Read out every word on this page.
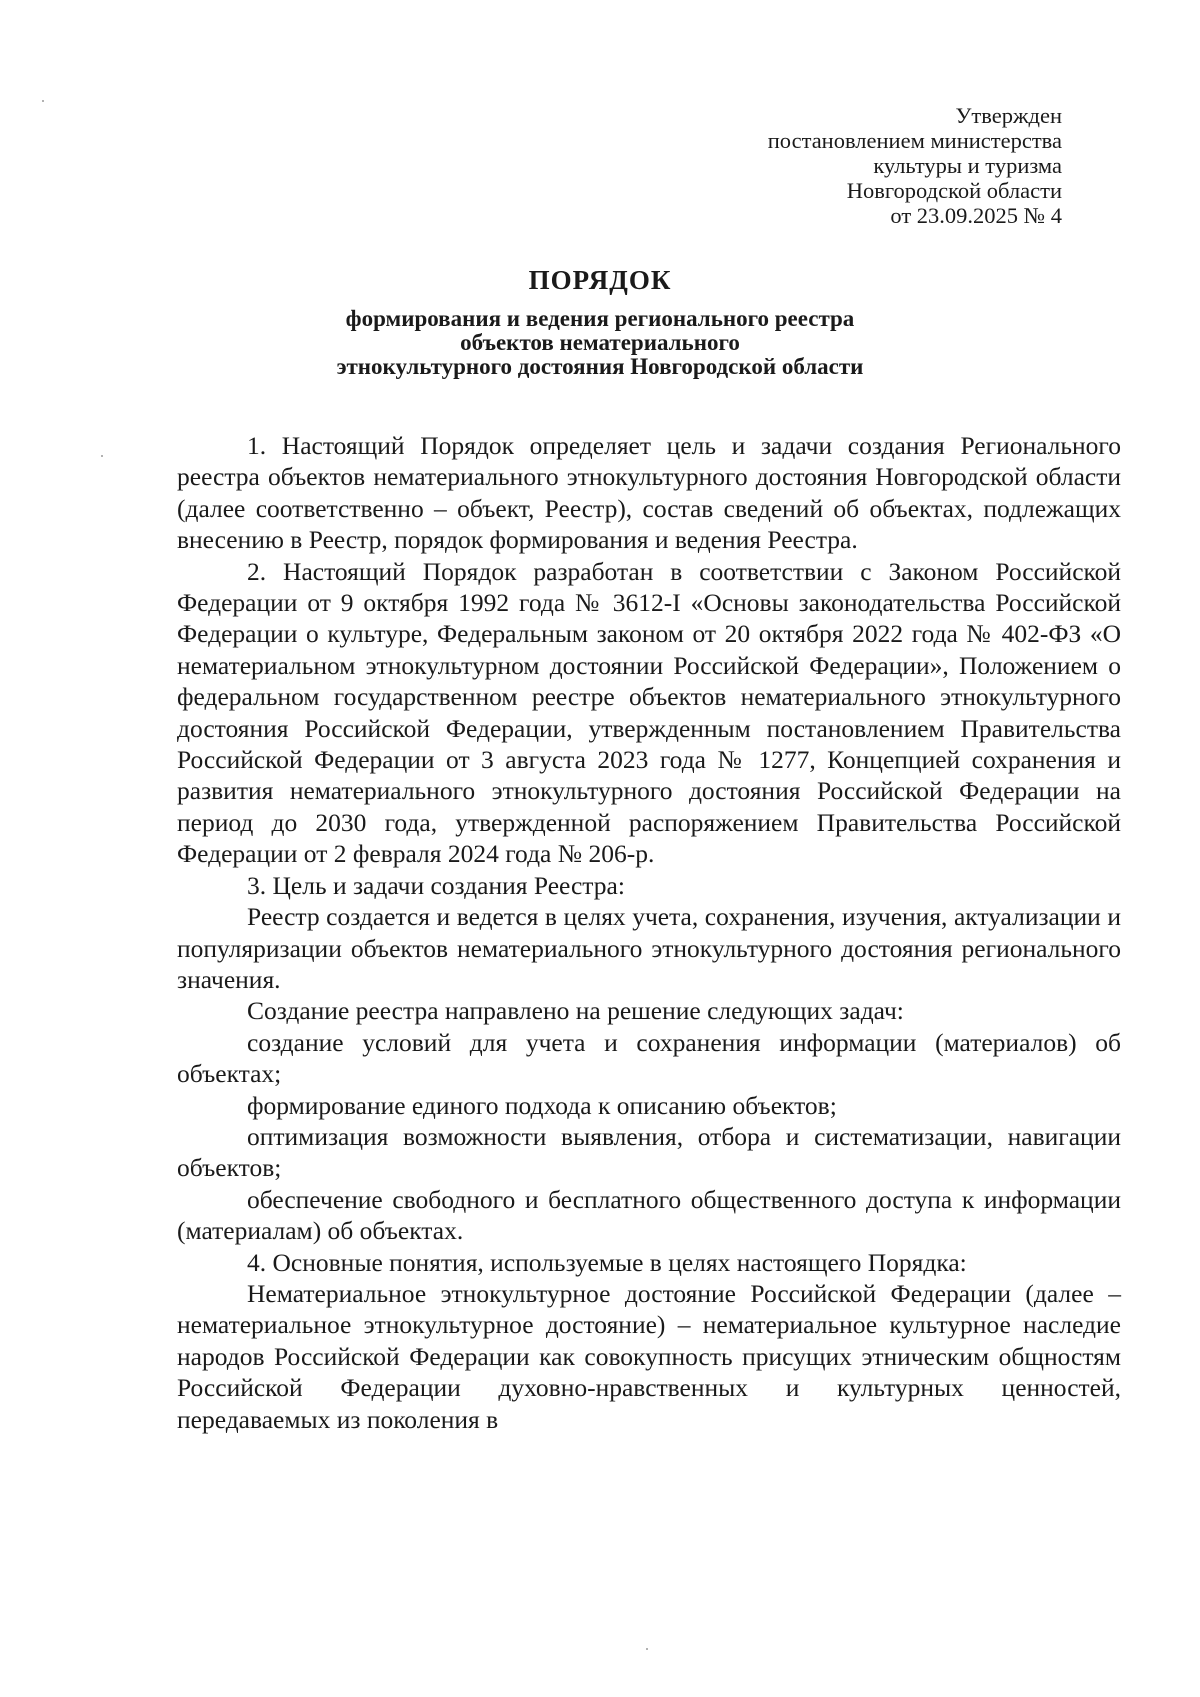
Утвержден
постановлением министерства
культуры и туризма
Новгородской области
от 23.09.2025 № 4
ПОРЯДОК
формирования и ведения регионального реестра
объектов нематериального
этнокультурного достояния Новгородской области

1. Настоящий Порядок определяет цель и задачи создания Регионального реестра объектов нематериального этнокультурного достояния Новгородской области (далее соответственно – объект, Реестр), состав сведений об объектах, подлежащих внесению в Реестр, порядок формирования и ведения Реестра.

2. Настоящий Порядок разработан в соответствии с Законом Российской Федерации от 9 октября 1992 года № 3612-I «Основы законодательства Российской Федерации о культуре, Федеральным законом от 20 октября 2022 года № 402-ФЗ «О нематериальном этнокультурном достоянии Российской Федерации», Положением о федеральном государственном реестре объектов нематериального этнокультурного достояния Российской Федерации, утвержденным постановлением Правительства Российской Федерации от 3 августа 2023 года № 1277, Концепцией сохранения и развития нематериального этнокультурного достояния Российской Федерации на период до 2030 года, утвержденной распоряжением Правительства Российской Федерации от 2 февраля 2024 года № 206-р.

3. Цель и задачи создания Реестра:

Реестр создается и ведется в целях учета, сохранения, изучения, актуализации и популяризации объектов нематериального этнокультурного достояния регионального значения.

Создание реестра направлено на решение следующих задач:

создание условий для учета и сохранения информации (материалов) об объектах;

формирование единого подхода к описанию объектов;

оптимизация возможности выявления, отбора и систематизации, навигации объектов;

обеспечение свободного и бесплатного общественного доступа к информации (материалам) об объектах.

4. Основные понятия, используемые в целях настоящего Порядка:

Нематериальное этнокультурное достояние Российской Федерации (далее – нематериальное этнокультурное достояние) – нематериальное культурное наследие народов Российской Федерации как совокупность присущих этническим общностям Российской Федерации духовно-нравственных и культурных ценностей, передаваемых из поколения в
